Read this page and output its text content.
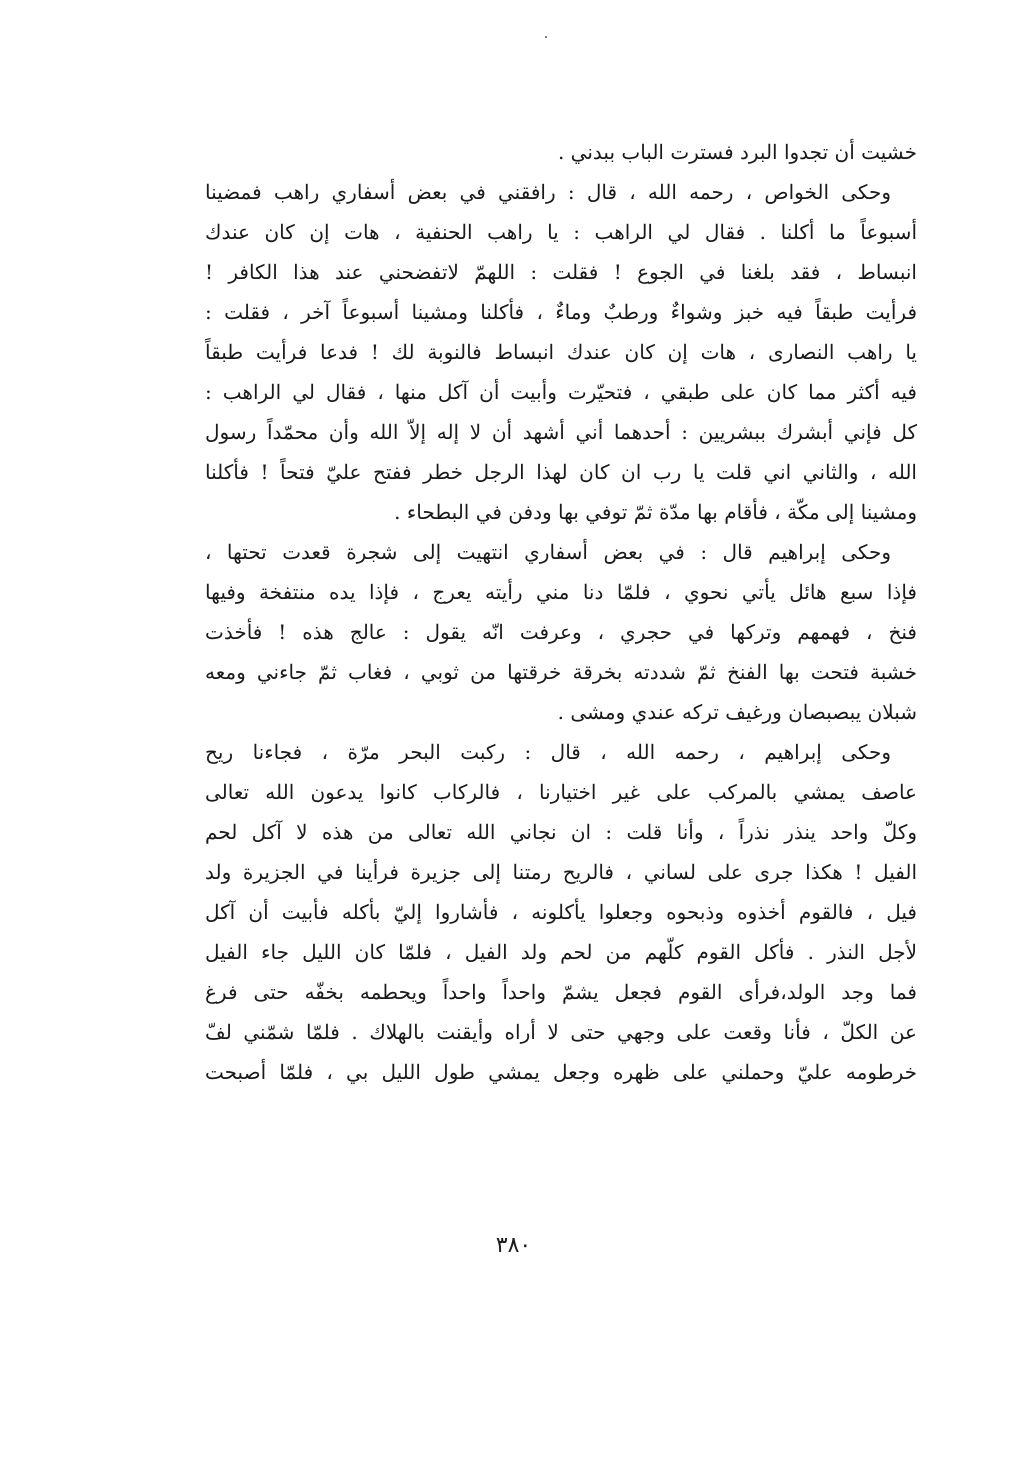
خشيت أن تجدوا البرد فسترت الباب ببدني .
وحكى الخواص ، رحمه الله ، قال : رافقني في بعض أسفاري راهب فمضينا
أسبوعاً ما أكلنا . فقال لي الراهب : يا راهب الحنفية ، هات إن كان عندك
انبساط ، فقد بلغنا في الجوع ! فقلت : اللهمّ لاتفضحني عند هذا الكافر !
فرأيت طبقاً فيه خبز وشواءٌ ورطبٌ وماءٌ ، فأكلنا ومشينا أسبوعاً آخر ، فقلت :
يا راهب النصارى ، هات إن كان عندك انبساط فالنوبة لك ! فدعا فرأيت طبقاً
فيه أكثر مما كان على طبقي ، فتحيّرت وأبيت أن آكل منها ، فقال لي الراهب :
كل فإني أبشرك ببشريين : أحدهما أني أشهد أن لا إله إلاّ الله وأن محمّداً رسول
الله ، والثاني اني قلت يا رب ان كان لهذا الرجل خطر ففتح عليّ فتحاً ! فأكلنا
ومشينا إلى مكّة ، فأقام بها مدّة ثمّ توفي بها ودفن في البطحاء .
وحكى إبراهيم قال : في بعض أسفاري انتهيت إلى شجرة قعدت تحتها ،
فإذا سبع هائل يأتي نحوي ، فلمّا دنا مني رأيته يعرج ، فإذا يده منتفخة وفيها
فنخ ، فهمهم وتركها في حجري ، وعرفت انّه يقول : عالج هذه ! فأخذت
خشبة فتحت بها الفنخ ثمّ شددته بخرقة خرقتها من ثوبي ، فغاب ثمّ جاءني ومعه
شبلان يبصبصان ورغيف تركه عندي ومشى .
وحكى إبراهيم ، رحمه الله ، قال : ركبت البحر مرّة ، فجاءنا ريح
عاصف يمشي بالمركب على غير اختيارنا ، فالركاب كانوا يدعون الله تعالى
وكلّ واحد ينذر نذراً ، وأنا قلت : ان نجاني الله تعالى من هذه لا آكل لحم
الفيل ! هكذا جرى على لساني ، فالريح رمتنا إلى جزيرة فرأينا في الجزيرة ولد
فيل ، فالقوم أخذوه وذبحوه وجعلوا يأكلونه ، فأشاروا إليّ بأكله فأبيت أن آكل
لأجل النذر . فأكل القوم كلّهم من لحم ولد الفيل ، فلمّا كان الليل جاء الفيل
فما وجد الولد،فرأى القوم فجعل يشمّ واحداً واحداً ويحطمه بخفّه حتى فرغ
عن الكلّ ، فأنا وقعت على وجهي حتى لا أراه وأيقنت بالهلاك . فلمّا شمّني لفّ
خرطومه عليّ وحملني على ظهره وجعل يمشي طول الليل بي ، فلمّا أصبحت
٣٨٠
